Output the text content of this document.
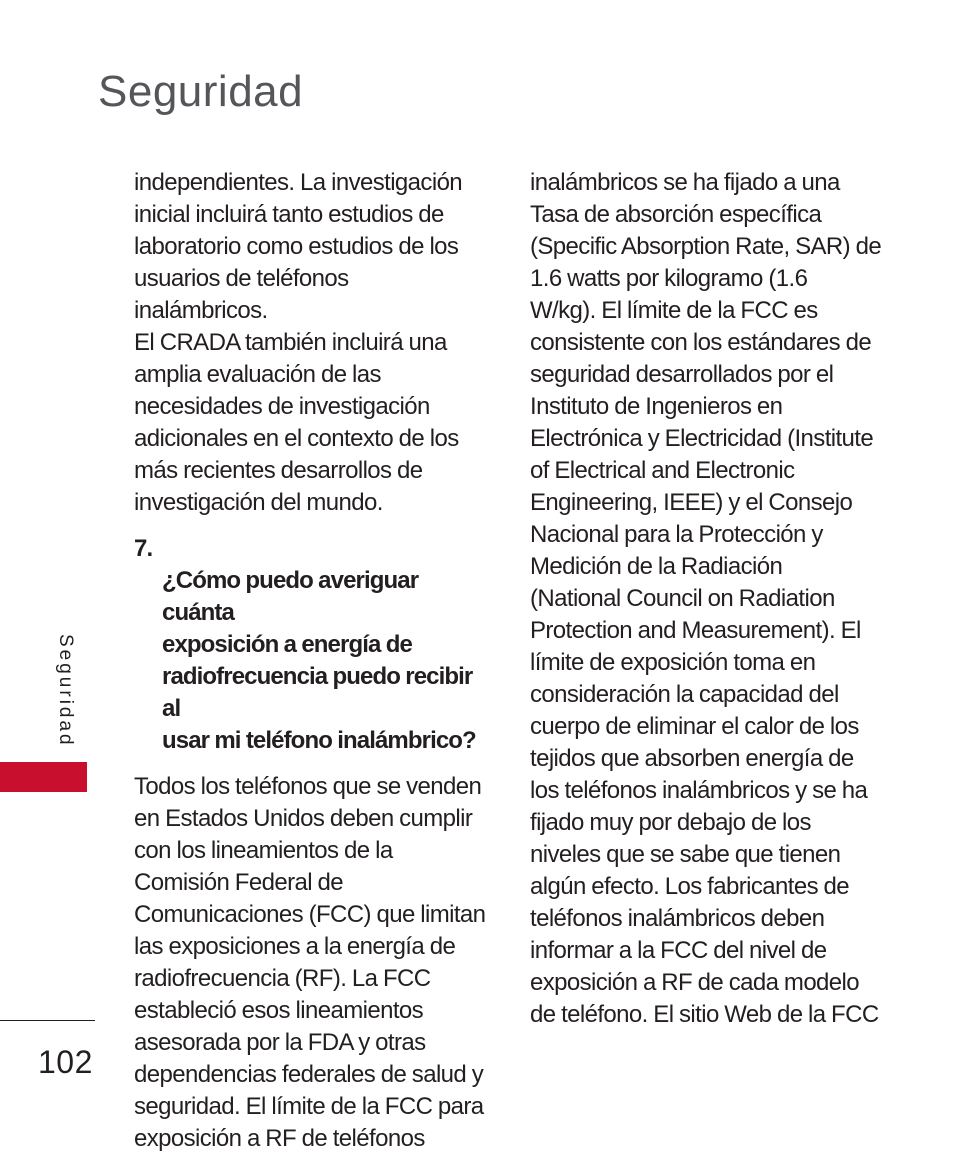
Seguridad

independientes. La investigación
inicial incluirá tanto estudios de
laboratorio como estudios de los
usuarios de teléfonos inalámbricos.
El CRADA también incluirá una
amplia evaluación de las
necesidades de investigación
adicionales en el contexto de los
más recientes desarrollos de
investigación del mundo.

7.
¿Cómo puedo averiguar cuánta
exposición a energía de
radiofrecuencia puedo recibir al
usar mi teléfono inalámbrico?

Todos los teléfonos que se venden
en Estados Unidos deben cumplir
con los lineamientos de la
Comisión Federal de
Comunicaciones (FCC) que limitan
las exposiciones a la energía de
radiofrecuencia (RF). La FCC
estableció esos lineamientos
asesorada por la FDA y otras
dependencias federales de salud y
seguridad. El límite de la FCC para
exposición a RF de teléfonos

inalámbricos se ha fijado a una
Tasa de absorción específica
(Specific Absorption Rate, SAR) de
1.6 watts por kilogramo (1.6
W/kg). El límite de la FCC es
consistente con los estándares de
seguridad desarrollados por el
Instituto de Ingenieros en
Electrónica y Electricidad (Institute
of Electrical and Electronic
Engineering, IEEE) y el Consejo
Nacional para la Protección y
Medición de la Radiación
(National Council on Radiation
Protection and Measurement). El
límite de exposición toma en
consideración la capacidad del
cuerpo de eliminar el calor de los
tejidos que absorben energía de
los teléfonos inalámbricos y se ha
fijado muy por debajo de los
niveles que se sabe que tienen
algún efecto. Los fabricantes de
teléfonos inalámbricos deben
informar a la FCC del nivel de
exposición a RF de cada modelo
de teléfono. El sitio Web de la FCC

Seguridad
102
